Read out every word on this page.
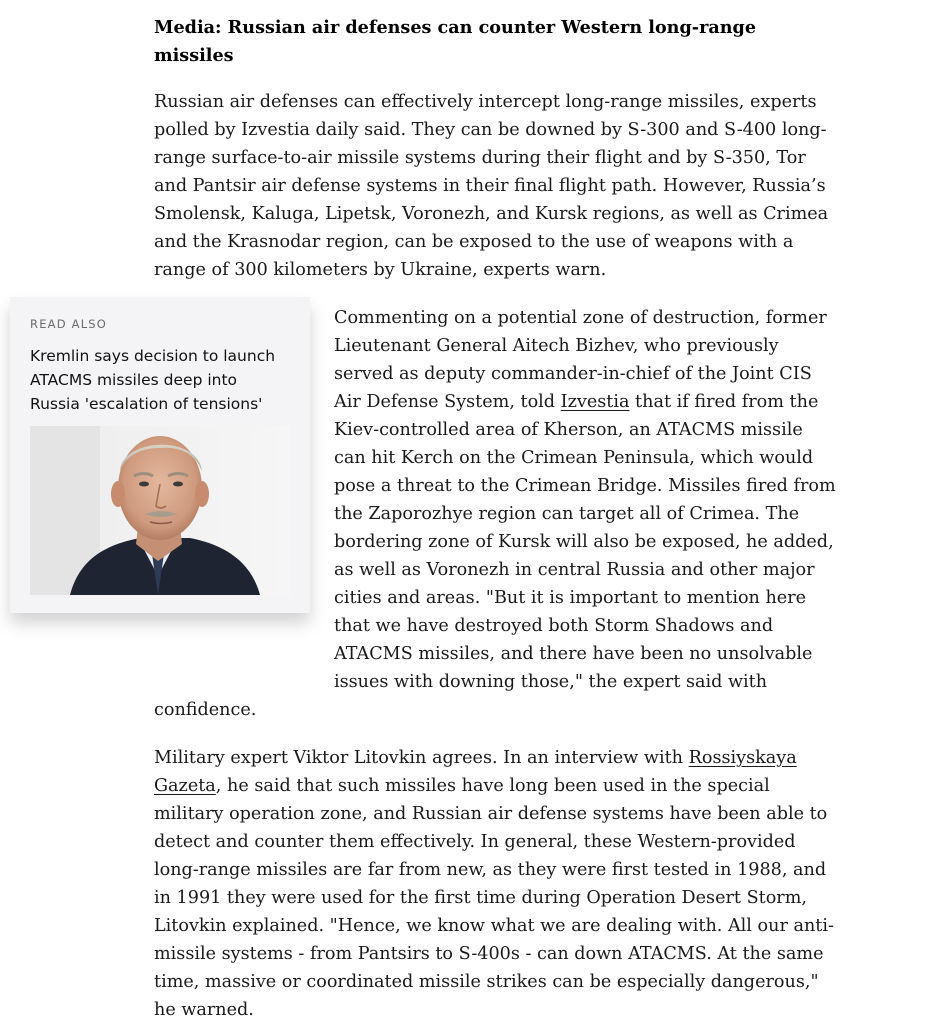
Media: Russian air defenses can counter Western long-range missiles

Russian air defenses can effectively intercept long-range missiles, experts polled by Izvestia daily said. They can be downed by S-300 and S-400 long-range surface-to-air missile systems during their flight and by S-350, Tor and Pantsir air defense systems in their final flight path. However, Russia’s Smolensk, Kaluga, Lipetsk, Voronezh, and Kursk regions, as well as Crimea and the Krasnodar region, can be exposed to the use of weapons with a range of 300 kilometers by Ukraine, experts warn.

Commenting on a potential zone of destruction, former Lieutenant General Aitech Bizhev, who previously served as deputy commander-in-chief of the Joint CIS Air Defense System, told Izvestia that if fired from the Kiev-controlled area of Kherson, an ATACMS missile can hit Kerch on the Crimean Peninsula, which would pose a threat to the Crimean Bridge. Missiles fired from the Zaporozhye region can target all of Crimea. The bordering zone of Kursk will also be exposed, he added, as well as Voronezh in central Russia and other major cities and areas. "But it is important to mention here that we have destroyed both Storm Shadows and ATACMS missiles, and there have been no unsolvable issues with downing those," the expert said with confidence.

Military expert Viktor Litovkin agrees. In an interview with Rossiyskaya Gazeta, he said that such missiles have long been used in the special military operation zone, and Russian air defense systems have been able to detect and counter them effectively. In general, these Western-provided long-range missiles are far from new, as they were first tested in 1988, and in 1991 they were used for the first time during Operation Desert Storm, Litovkin explained. "Hence, we know what we are dealing with. All our anti-missile systems - from Pantsirs to S-400s - can down ATACMS. At the same time, massive or coordinated missile strikes can be especially dangerous," he warned.

READ ALSO

Kremlin says decision to launch ATACMS missiles deep into Russia 'escalation of tensions'
